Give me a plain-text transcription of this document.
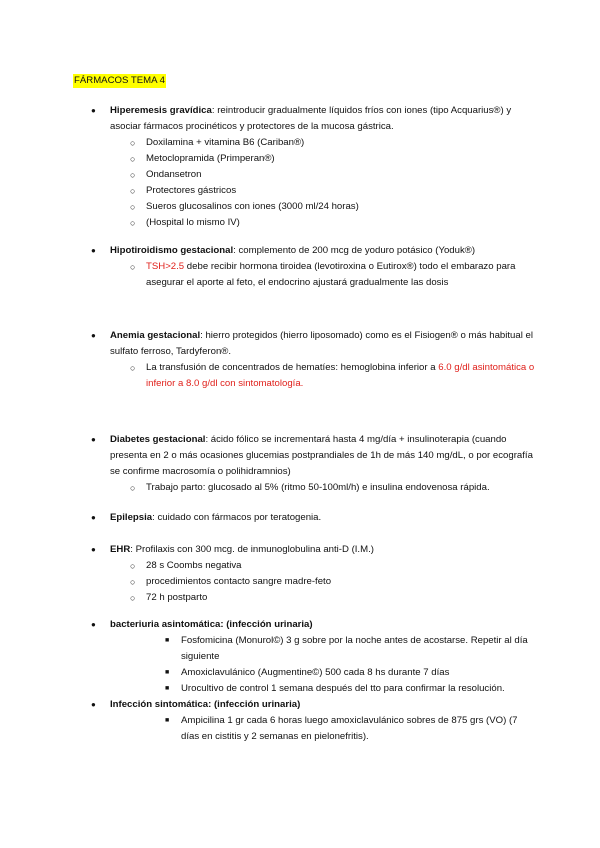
FÁRMACOS TEMA 4
● Hiperemesis gravídica: reintroducir gradualmente líquidos fríos con iones (tipo Acquarius®) y asociar fármacos procinéticos y protectores de la mucosa gástrica.
○ Doxilamina + vitamina B6 (Cariban®)
○ Metoclopramida (Primperan®)
○ Ondansetron
○ Protectores gástricos
○ Sueros glucosalinos con iones (3000 ml/24 horas)
○ (Hospital lo mismo IV)
● Hipotiroidismo gestacional: complemento de 200 mcg de yoduro potásico (Yoduk®)
○ TSH>2.5 debe recibir hormona tiroidea (levotiroxina o Eutirox®) todo el embarazo para asegurar el aporte al feto, el endocrino ajustará gradualmente las dosis
● Anemia gestacional: hierro protegidos (hierro liposomado) como es el Fisiogen® o más habitual el sulfato ferroso, Tardyferon®.
○ La transfusión de concentrados de hematíes: hemoglobina inferior a 6.0 g/dl asintomática o inferior a 8.0 g/dl con sintomatología.
● Diabetes gestacional: ácido fólico se incrementará hasta 4 mg/día + insulinoterapia (cuando presenta en 2 o más ocasiones glucemias postprandiales de 1h de más 140 mg/dL, o por ecografía se confirme macrosomía o polihidramnios)
○ Trabajo parto: glucosado al 5% (ritmo 50-100ml/h) e insulina endovenosa rápida.
● Epilepsia: cuidado con fármacos por teratogenia.
● EHR: Profilaxis con 300 mcg. de inmunoglobulina anti-D (I.M.)
○ 28 s Coombs negativa
○ procedimientos contacto sangre madre-feto
○ 72 h postparto
● bacteriuria asintomática: (infección urinaria)
■ Fosfomicina (Monurol©) 3 g sobre por la noche antes de acostarse. Repetir al día siguiente
■ Amoxiclavulánico (Augmentine©) 500 cada 8 hs durante 7 días
■ Urocultivo de control 1 semana después del tto para confirmar la resolución.
● Infección sintomática: (infección urinaria)
■ Ampicilina 1 gr cada 6 horas luego amoxiclavulánico sobres de 875 grs (VO) (7 días en cistitis y 2 semanas en pielonefritis).
